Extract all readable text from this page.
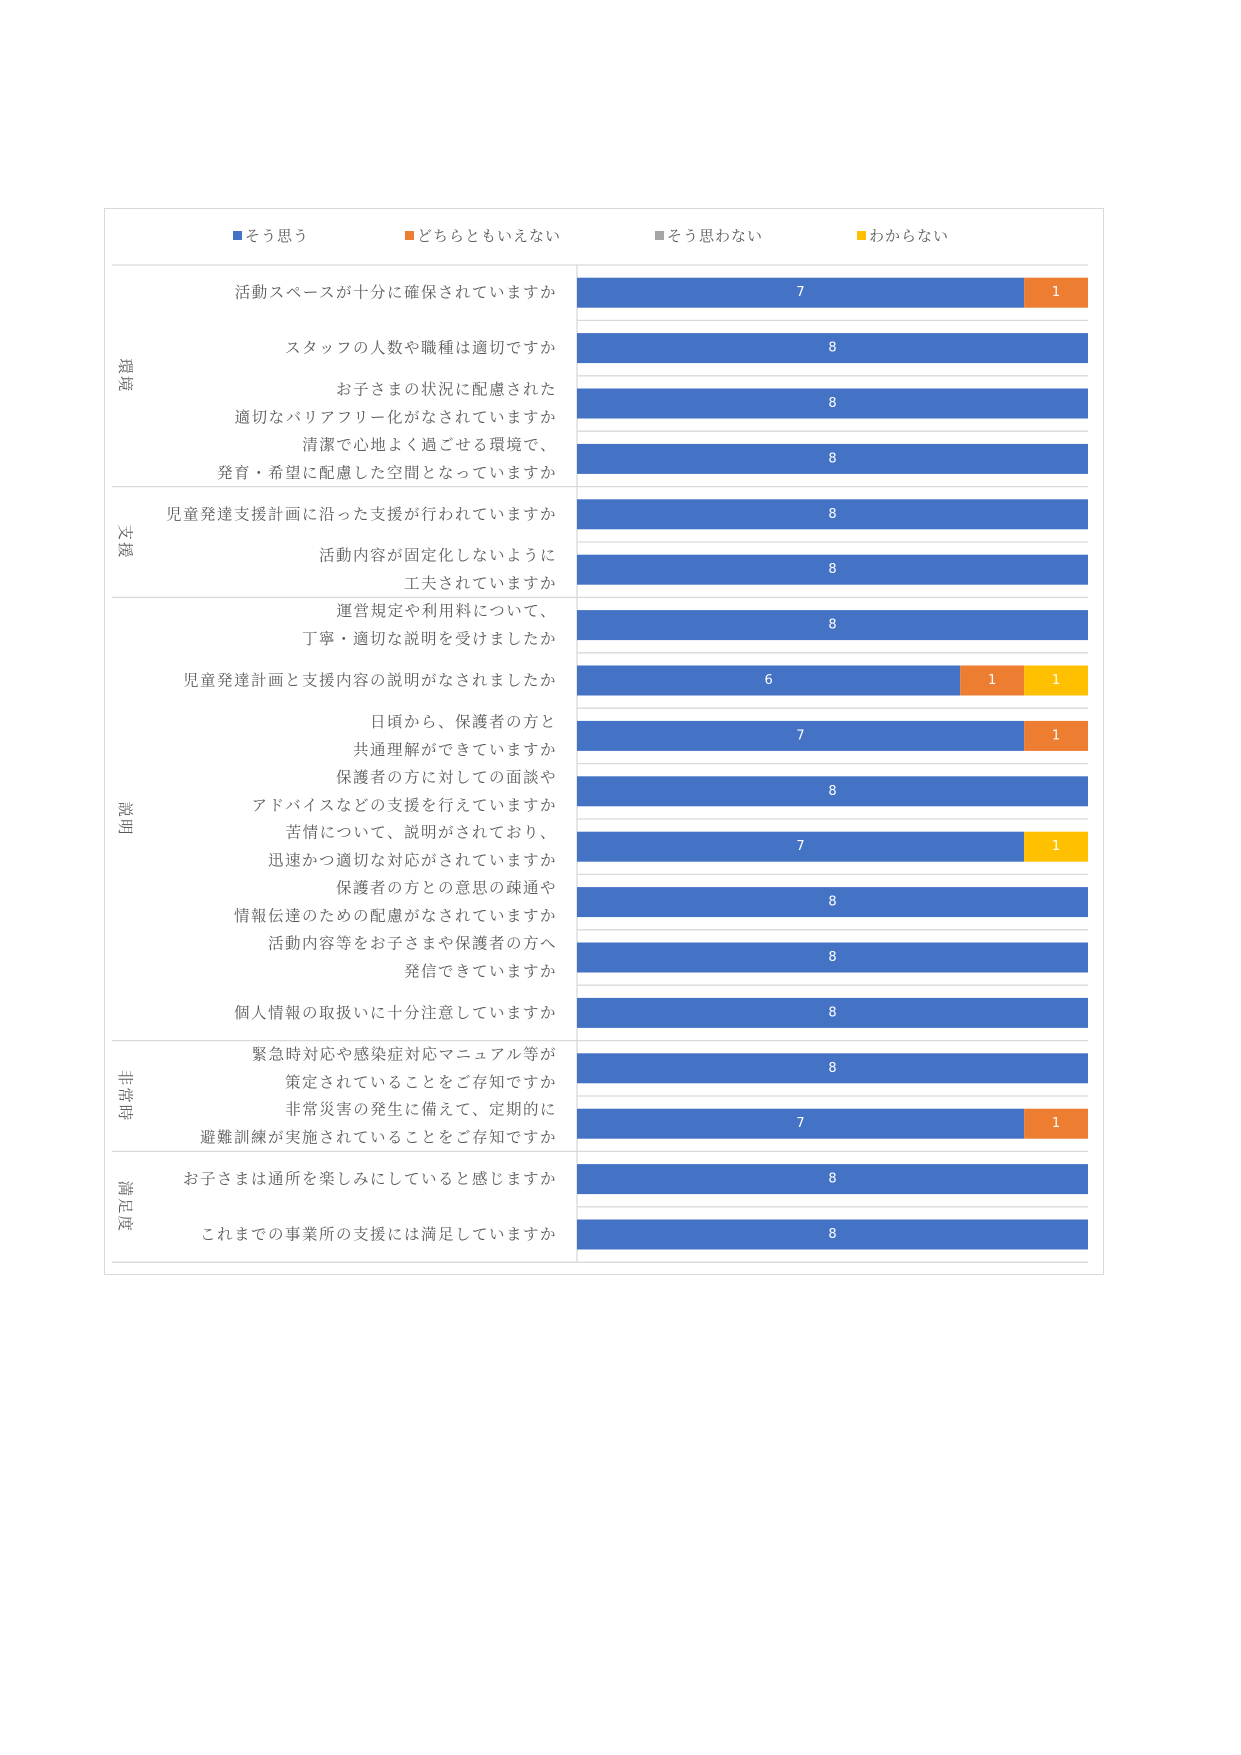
そう思う	どちらともいえない	そう思わない	わからない
環境
支援
説明
非常時
満足度
活動スペースが十分に確保されていますか	7	1
スタッフの人数や職種は適切ですか	8
お子さまの状況に配慮された
適切なバリアフリー化がなされていますか
8
清潔で心地よく過ごせる環境で、
発育・希望に配慮した空間となっていますか
8
児童発達支援計画に沿った支援が行われていますか	8
活動内容が固定化しないように
工夫されていますか
8
運営規定や利用料について、
丁寧・適切な説明を受けましたか
8
児童発達計画と支援内容の説明がなされましたか	6	1	1
日頃から、保護者の方と
共通理解ができていますか
7	1
保護者の方に対しての面談や
アドバイスなどの支援を行えていますか
8
苦情について、説明がされており、
迅速かつ適切な対応がされていますか
7	1
保護者の方との意思の疎通や
情報伝達のための配慮がなされていますか
8
活動内容等をお子さまや保護者の方へ
発信できていますか
8
個人情報の取扱いに十分注意していますか	8
緊急時対応や感染症対応マニュアル等が
策定されていることをご存知ですか
8
非常災害の発生に備えて、定期的に
避難訓練が実施されていることをご存知ですか
7	1
お子さまは通所を楽しみにしていると感じますか	8
これまでの事業所の支援には満足していますか	8
